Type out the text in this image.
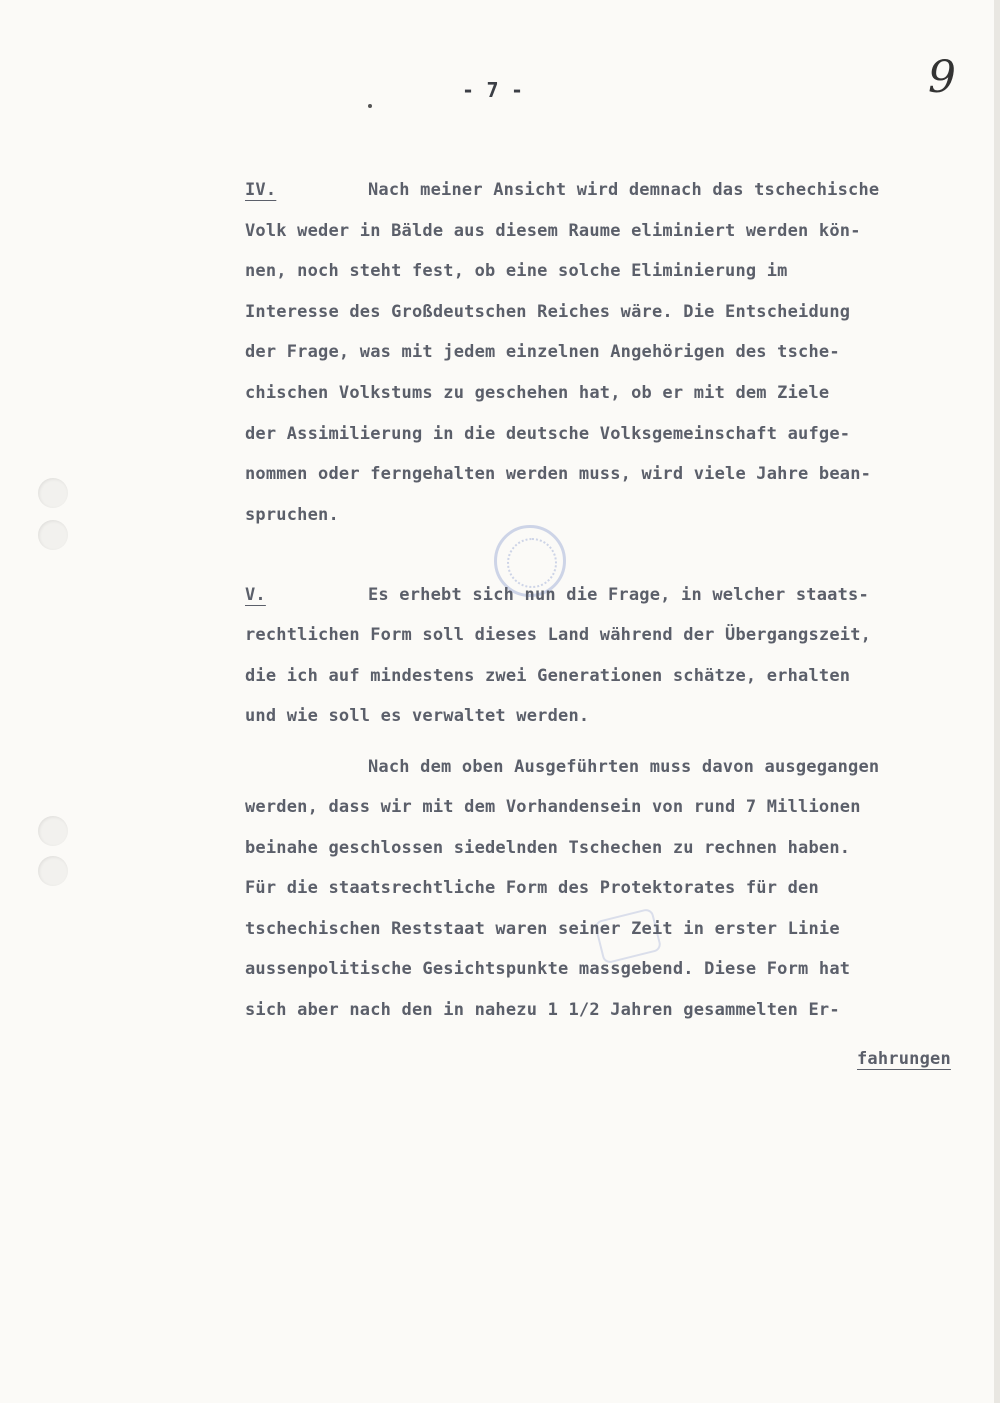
- 7 -	9
IV.	Nach meiner Ansicht wird demnach das tschechische
Volk weder in Bälde aus diesem Raume eliminiert werden kön-
nen, noch steht fest, ob eine solche Eliminierung im
Interesse des Großdeutschen Reiches wäre. Die Entscheidung
der Frage, was mit jedem einzelnen Angehörigen des tsche-
chischen Volkstums zu geschehen hat, ob er mit dem Ziele
der Assimilierung in die deutsche Volksgemeinschaft aufge-
nommen oder ferngehalten werden muss, wird viele Jahre bean-
spruchen.
V.	Es erhebt sich nun die Frage, in welcher staats-
rechtlichen Form soll dieses Land während der Übergangszeit,
die ich auf mindestens zwei Generationen schätze, erhalten
und wie soll es verwaltet werden.
Nach dem oben Ausgeführten muss davon ausgegangen
werden, dass wir mit dem Vorhandensein von rund 7 Millionen
beinahe geschlossen siedelnden Tschechen zu rechnen haben.
Für die staatsrechtliche Form des Protektorates für den
tschechischen Reststaat waren seiner Zeit in erster Linie
aussenpolitische Gesichtspunkte massgebend. Diese Form hat
sich aber nach den in nahezu 1 1/2 Jahren gesammelten Er-
fahrungen
